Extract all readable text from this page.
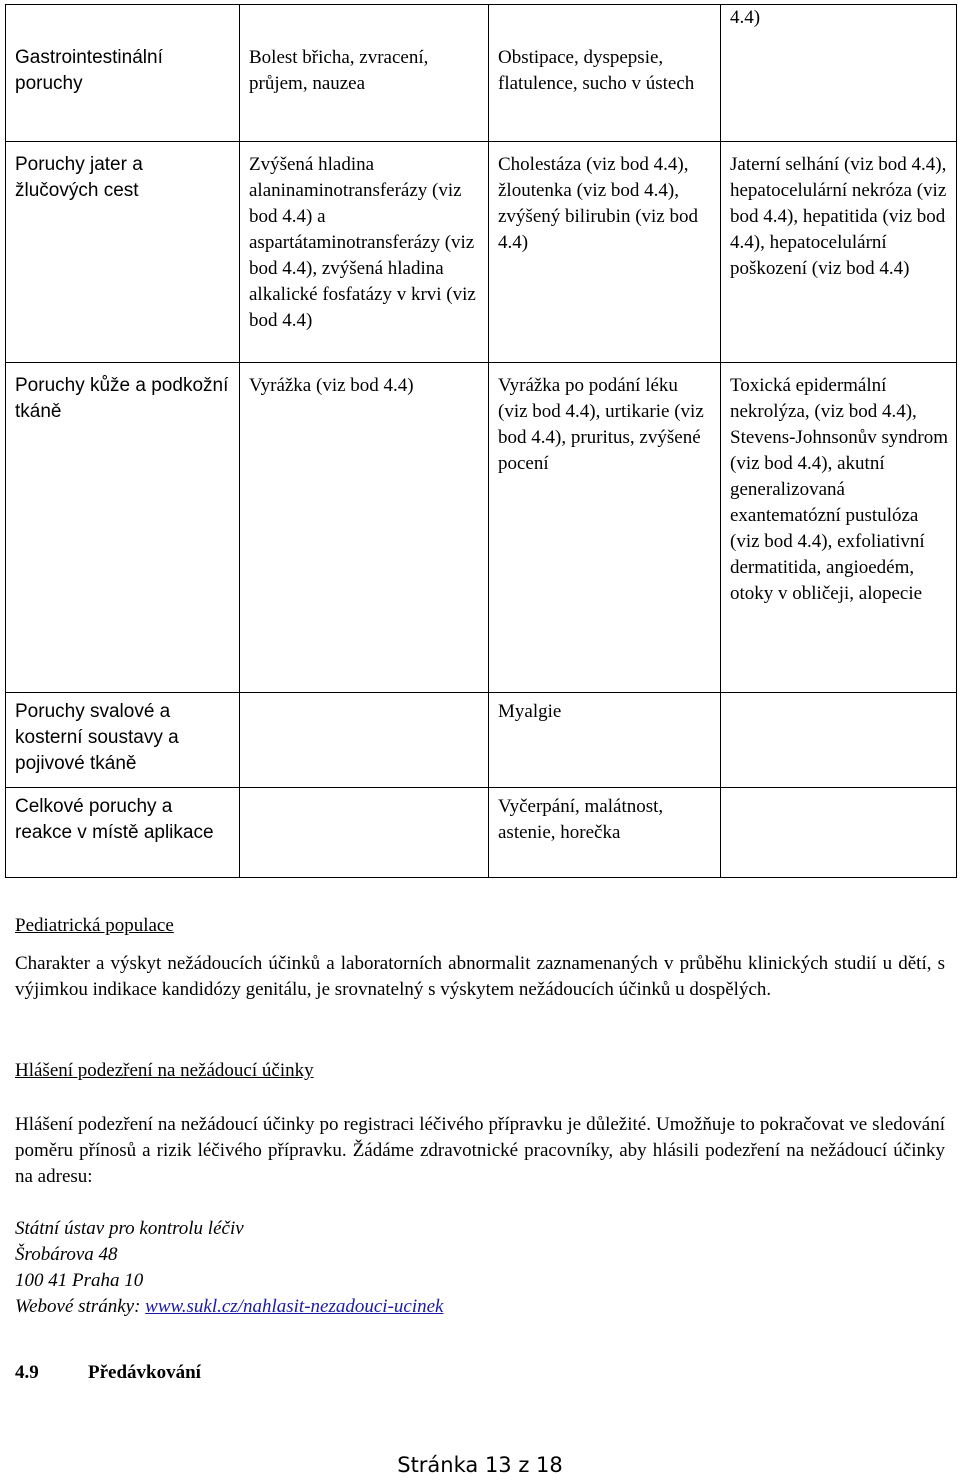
Gastrointestinální poruchy	Bolest břicha, zvracení, průjem, nauzea	Obstipace, dyspepsie, flatulence, sucho v ústech	4.4)
Poruchy jater a žlučových cest	Zvýšená hladina alaninaminotransferázy (viz bod 4.4) a aspartátaminotransferázy (viz bod 4.4), zvýšená hladina alkalické fosfatázy v krvi (viz bod 4.4)	Cholestáza (viz bod 4.4), žloutenka (viz bod 4.4), zvýšený bilirubin (viz bod 4.4)	Jaterní selhání (viz bod 4.4), hepatocelulární nekróza (viz bod 4.4), hepatitida (viz bod 4.4), hepatocelulární poškození (viz bod 4.4)
Poruchy kůže a podkožní tkáně	Vyrážka (viz bod 4.4)	Vyrážka po podání léku (viz bod 4.4), urtikarie (viz bod 4.4), pruritus, zvýšené pocení	Toxická epidermální nekrolýza, (viz bod 4.4), Stevens-Johnsonův syndrom (viz bod 4.4), akutní generalizovaná exantematózní pustulóza (viz bod 4.4), exfoliativní dermatitida, angioedém, otoky v obličeji, alopecie
Poruchy svalové a kosterní soustavy a pojivové tkáně		Myalgie	
Celkové poruchy a reakce v místě aplikace		Vyčerpání, malátnost, astenie, horečka	
Pediatrická populace
Charakter a výskyt nežádoucích účinků a laboratorních abnormalit zaznamenaných v průběhu klinických studií u dětí, s výjimkou indikace kandidózy genitálu, je srovnatelný s výskytem nežádoucích účinků u dospělých.
Hlášení podezření na nežádoucí účinky
Hlášení podezření na nežádoucí účinky po registraci léčivého přípravku je důležité. Umožňuje to pokračovat ve sledování poměru přínosů a rizik léčivého přípravku. Žádáme zdravotnické pracovníky, aby hlásili podezření na nežádoucí účinky na adresu:
Státní ústav pro kontrolu léčiv
Šrobárova 48
100 41 Praha 10
Webové stránky: www.sukl.cz/nahlasit-nezadouci-ucinek
4.9	Předávkování
Stránka 13 z 18
